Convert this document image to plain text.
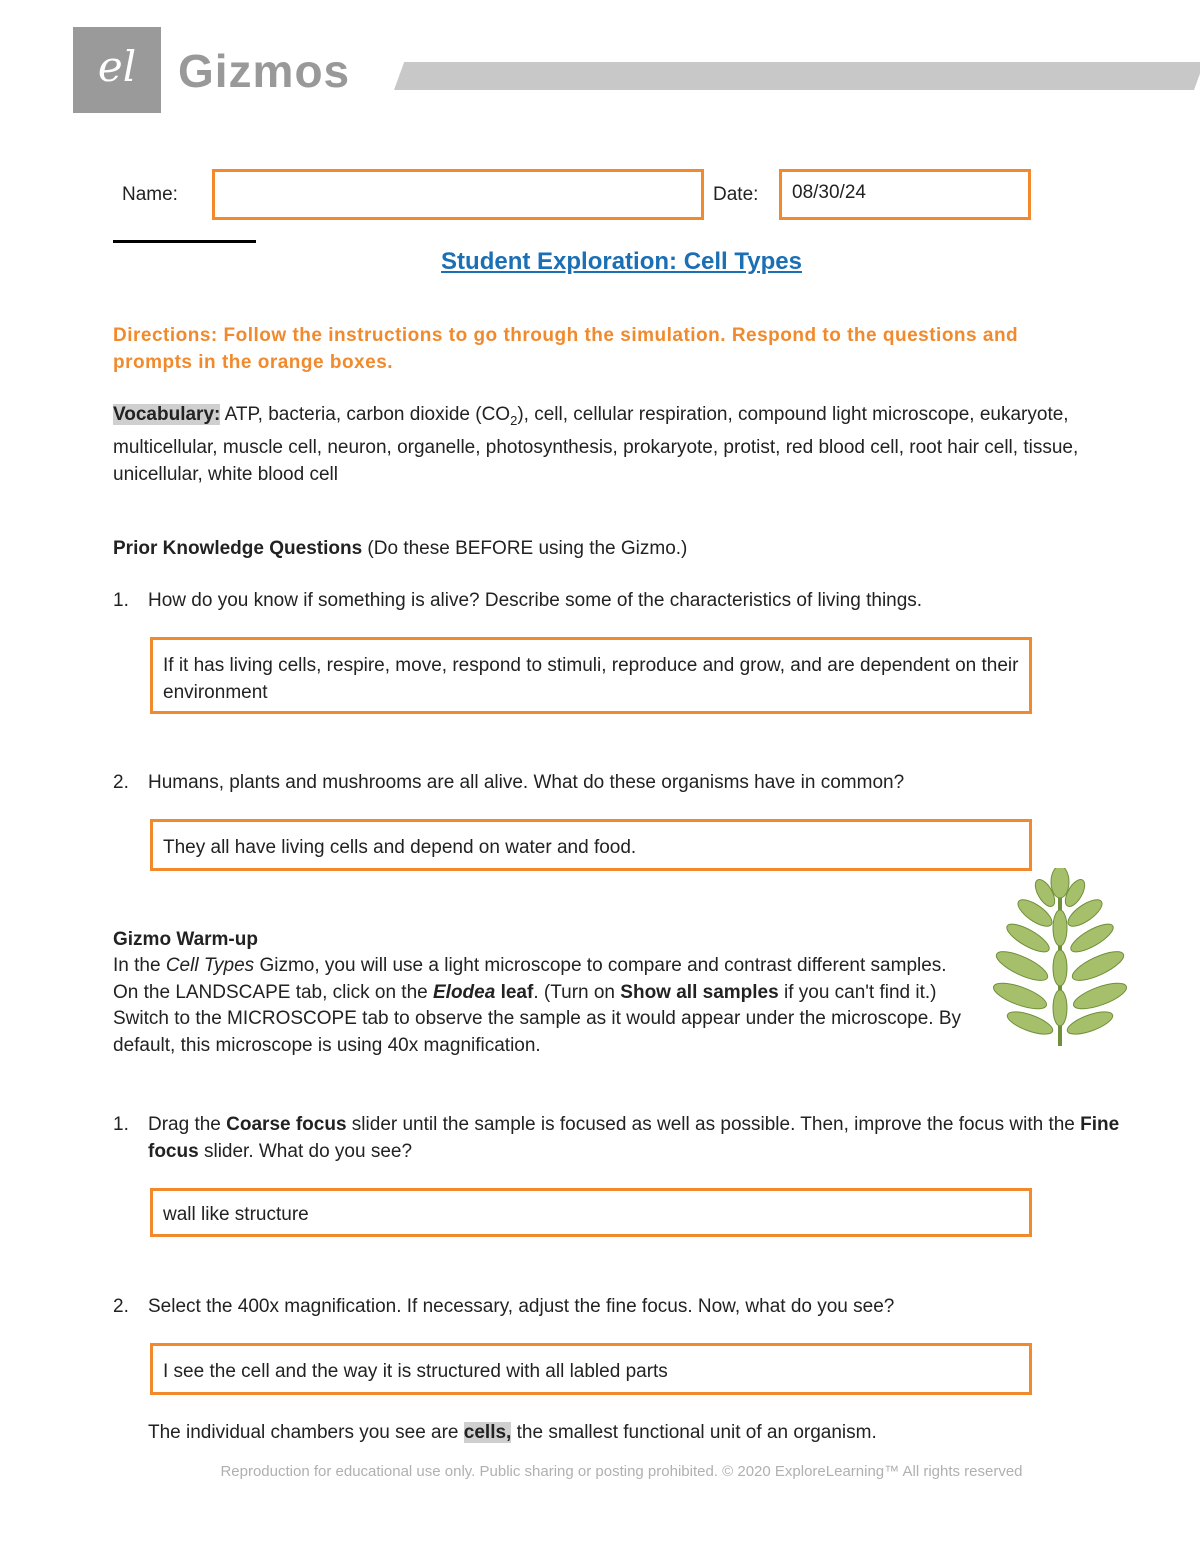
el Gizmos
Name:	Date:	08/30/24
Student Exploration: Cell Types
Directions: Follow the instructions to go through the simulation. Respond to the questions and prompts in the orange boxes.
Vocabulary: ATP, bacteria, carbon dioxide $(CO_2)$, cell, cellular respiration, compound light microscope, eukaryote, multicellular, muscle cell, neuron, organelle, photosynthesis, prokaryote, protist, red blood cell, root hair cell, tissue, unicellular, white blood cell
Prior Knowledge Questions (Do these BEFORE using the Gizmo.)
1. How do you know if something is alive? Describe some of the characteristics of living things.
If it has living cells, respire, move, respond to stimuli, reproduce and grow, and are dependent on their environment
2. Humans, plants and mushrooms are all alive. What do these organisms have in common?
They all have living cells and depend on water and food.
Gizmo Warm-up
In the Cell Types Gizmo, you will use a light microscope to compare and contrast different samples. On the LANDSCAPE tab, click on the Elodea leaf. (Turn on Show all samples if you can't find it.) Switch to the MICROSCOPE tab to observe the sample as it would appear under the microscope. By default, this microscope is using 40x magnification.
1. Drag the Coarse focus slider until the sample is focused as well as possible. Then, improve the focus with the Fine focus slider. What do you see?
wall like structure
2. Select the 400x magnification. If necessary, adjust the fine focus. Now, what do you see?
I see the cell and the way it is structured with all labled parts
The individual chambers you see are cells, the smallest functional unit of an organism.
Reproduction for educational use only. Public sharing or posting prohibited. © 2020 ExploreLearning™ All rights reserved
